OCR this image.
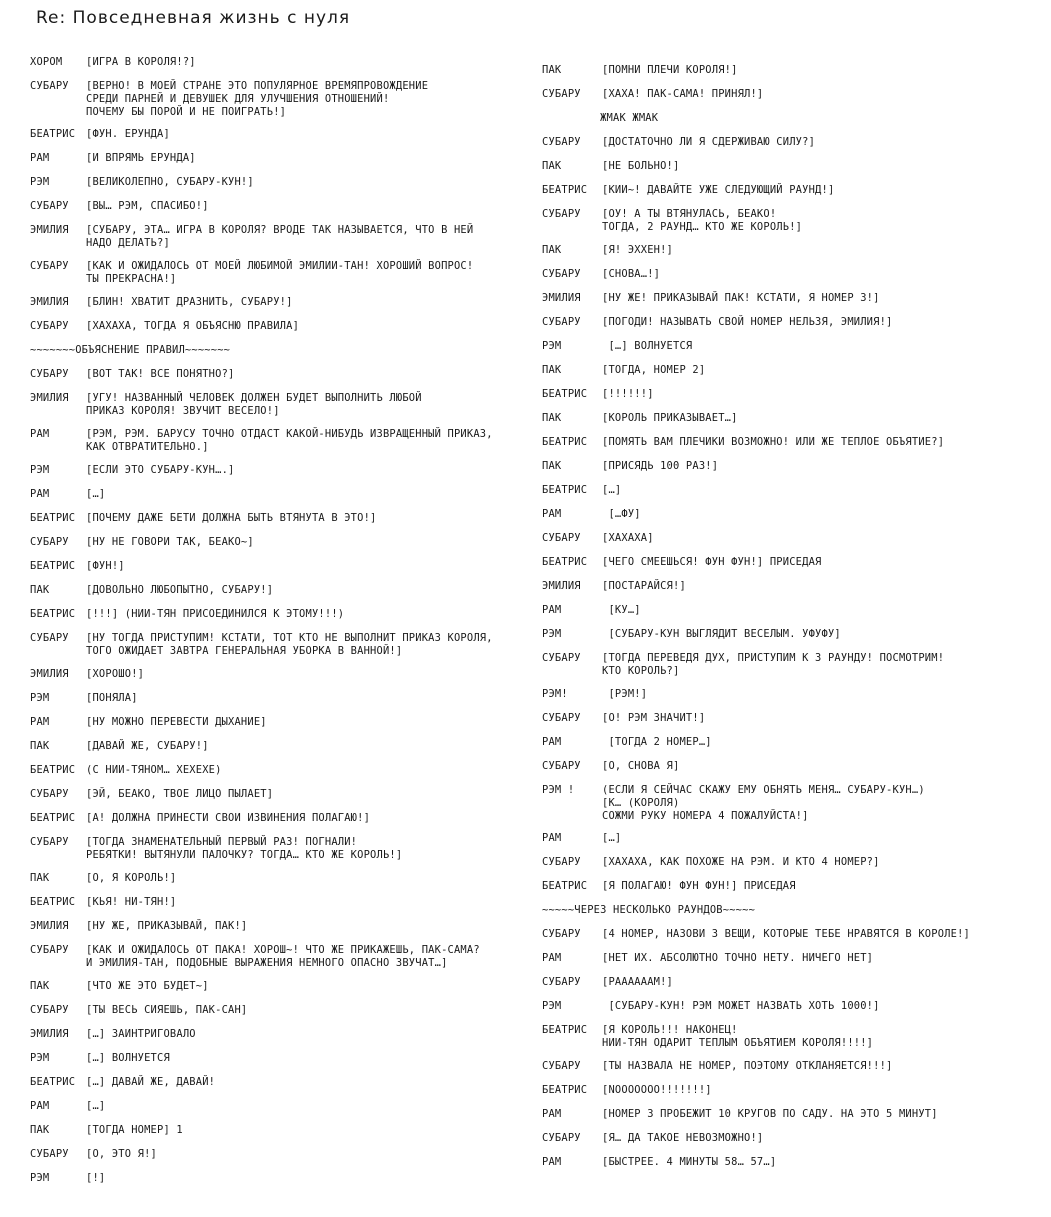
Re: Повседневная жизнь с нуля
ХОРОМ [ИГРА В КОРОЛЯ!?]
СУБАРУ [ВЕРНО! В МОЕЙ СТРАНЕ ЭТО ПОПУЛЯРНОЕ ВРЕМЯПРОВОЖДЕНИЕ
СРЕДИ ПАРНЕЙ И ДЕВУШЕК ДЛЯ УЛУЧШЕНИЯ ОТНОШЕНИЙ!
ПОЧЕМУ БЫ ПОРОЙ И НЕ ПОИГРАТЬ!]
БЕАТРИС [ФУН. ЕРУНДА]
РАМ	[И ВПРЯМЬ ЕРУНДА]
РЭМ	[ВЕЛИКОЛЕПНО, СУБАРУ-КУН!]
СУБАРУ [ВЫ… РЭМ, СПАСИБО!]
ЭМИЛИЯ [СУБАРУ, ЭТА… ИГРА В КОРОЛЯ? ВРОДЕ ТАК НАЗЫВАЕТСЯ, ЧТО В НЕЙ
НАДО ДЕЛАТЬ?]
СУБАРУ [КАК И ОЖИДАЛОСЬ ОТ МОЕЙ ЛЮБИМОЙ ЭМИЛИИ-ТАН! ХОРОШИЙ ВОПРОС!
ТЫ ПРЕКРАСНА!]
ЭМИЛИЯ [БЛИН! ХВАТИТ ДРАЗНИТЬ, СУБАРУ!]
СУБАРУ [ХАХАХА, ТОГДА Я ОБЪЯСНЮ ПРАВИЛА]
~~~~~~~ОБЪЯСНЕНИЕ ПРАВИЛ~~~~~~~
СУБАРУ [ВОТ ТАК! ВСЕ ПОНЯТНО?]
ЭМИЛИЯ [УГУ! НАЗВАННЫЙ ЧЕЛОВЕК ДОЛЖЕН БУДЕТ ВЫПОЛНИТЬ ЛЮБОЙ
ПРИКАЗ КОРОЛЯ! ЗВУЧИТ ВЕСЕЛО!]
РАМ	[РЭМ, РЭМ. БАРУСУ ТОЧНО ОТДАСТ КАКОЙ-НИБУДЬ ИЗВРАЩЕННЫЙ ПРИКАЗ,
КАК ОТВРАТИТЕЛЬНО.]
РЭМ	[ЕСЛИ ЭТО СУБАРУ-КУН….]
РАМ	[…]
БЕАТРИС [ПОЧЕМУ ДАЖЕ БЕТИ ДОЛЖНА БЫТЬ ВТЯНУТА В ЭТО!]
СУБАРУ [НУ НЕ ГОВОРИ ТАК, БЕАКО~]
БЕАТРИС [ФУН!]
ПАК	[ДОВОЛЬНО ЛЮБОПЫТНО, СУБАРУ!]
БЕАТРИС [!!!] (НИИ-ТЯН ПРИСОЕДИНИЛСЯ К ЭТОМУ!!!)
СУБАРУ [НУ ТОГДА ПРИСТУПИМ! КСТАТИ, ТОТ КТО НЕ ВЫПОЛНИТ ПРИКАЗ КОРОЛЯ,
ТОГО ОЖИДАЕТ ЗАВТРА ГЕНЕРАЛЬНАЯ УБОРКА В ВАННОЙ!]
ЭМИЛИЯ [ХОРОШО!]
РЭМ	[ПОНЯЛА]
РАМ	[НУ МОЖНО ПЕРЕВЕСТИ ДЫХАНИЕ]
ПАК	[ДАВАЙ ЖЕ, СУБАРУ!]
БЕАТРИС (С НИИ-ТЯНОМ… ХЕХЕХЕ)
СУБАРУ [ЭЙ, БЕАКО, ТВОЕ ЛИЦО ПЫЛАЕТ]
БЕАТРИС [А! ДОЛЖНА ПРИНЕСТИ СВОИ ИЗВИНЕНИЯ ПОЛАГАЮ!]
СУБАРУ [ТОГДА ЗНАМЕНАТЕЛЬНЫЙ ПЕРВЫЙ РАЗ! ПОГНАЛИ!
РЕБЯТКИ! ВЫТЯНУЛИ ПАЛОЧКУ? ТОГДА… КТО ЖЕ КОРОЛЬ!]
ПАК	[О, Я КОРОЛЬ!]
БЕАТРИС [КЬЯ! НИ-ТЯН!]
ЭМИЛИЯ [НУ ЖЕ, ПРИКАЗЫВАЙ, ПАК!]
СУБАРУ [КАК И ОЖИДАЛОСЬ ОТ ПАКА! ХОРОШ~! ЧТО ЖЕ ПРИКАЖЕШЬ, ПАК-САМА?
И ЭМИЛИЯ-ТАН, ПОДОБНЫЕ ВЫРАЖЕНИЯ НЕМНОГО ОПАСНО ЗВУЧАТ…]
ПАК	[ЧТО ЖЕ ЭТО БУДЕТ~]
СУБАРУ [ТЫ ВЕСЬ СИЯЕШЬ, ПАК-САН]
ЭМИЛИЯ […] ЗАИНТРИГОВАЛО
РЭМ	[…] ВОЛНУЕТСЯ
БЕАТРИС […] ДАВАЙ ЖЕ, ДАВАЙ!
РАМ	[…]
ПАК	[ТОГДА НОМЕР] 1
СУБАРУ [О, ЭТО Я!]
РЭМ	[!]
ПАК	[ПОМНИ ПЛЕЧИ КОРОЛЯ!]
СУБАРУ [ХАХА! ПАК-САМА! ПРИНЯЛ!]
ЖМАК ЖМАК
СУБАРУ [ДОСТАТОЧНО ЛИ Я СДЕРЖИВАЮ СИЛУ?]
ПАК	[НЕ БОЛЬНО!]
БЕАТРИС [КИИ~! ДАВАЙТЕ УЖЕ СЛЕДУЮЩИЙ РАУНД!]
СУБАРУ [ОУ! А ТЫ ВТЯНУЛАСЬ, БЕАКО!
ТОГДА, 2 РАУНД… КТО ЖЕ КОРОЛЬ!]
ПАК	[Я! ЭХХЕН!]
СУБАРУ [СНОВА…!]
ЭМИЛИЯ [НУ ЖЕ! ПРИКАЗЫВАЙ ПАК! КСТАТИ, Я НОМЕР 3!]
СУБАРУ [ПОГОДИ! НАЗЫВАТЬ СВОЙ НОМЕР НЕЛЬЗЯ, ЭМИЛИЯ!]
РЭМ	[…] ВОЛНУЕТСЯ
ПАК	[ТОГДА, НОМЕР 2]
БЕАТРИС [!!!!!!]
ПАК	[КОРОЛЬ ПРИКАЗЫВАЕТ…]
БЕАТРИС [ПОМЯТЬ ВАМ ПЛЕЧИКИ ВОЗМОЖНО! ИЛИ ЖЕ ТЕПЛОЕ ОБЪЯТИЕ?]
ПАК	[ПРИСЯДЬ 100 РАЗ!]
БЕАТРИС […]
РАМ	[…ФУ]
СУБАРУ [ХАХАХА]
БЕАТРИС [ЧЕГО СМЕЕШЬСЯ! ФУН ФУН!] ПРИСЕДАЯ
ЭМИЛИЯ [ПОСТАРАЙСЯ!]
РАМ	[КУ…]
РЭМ	[СУБАРУ-КУН ВЫГЛЯДИТ ВЕСЕЛЫМ. УФУФУ]
СУБАРУ [ТОГДА ПЕРЕВЕДЯ ДУХ, ПРИСТУПИМ К 3 РАУНДУ! ПОСМОТРИМ!
КТО КОРОЛЬ?]
РЭМ!	[РЭМ!]
СУБАРУ [О! РЭМ ЗНАЧИТ!]
РАМ	[ТОГДА 2 НОМЕР…]
СУБАРУ [О, СНОВА Я]
РЭМ !	(ЕСЛИ Я СЕЙЧАС СКАЖУ ЕМУ ОБНЯТЬ МЕНЯ… СУБАРУ-КУН…)
[К… (КОРОЛЯ)
СОЖМИ РУКУ НОМЕРА 4 ПОЖАЛУЙСТА!]
РАМ	[…]
СУБАРУ [ХАХАХА, КАК ПОХОЖЕ НА РЭМ. И КТО 4 НОМЕР?]
БЕАТРИС [Я ПОЛАГАЮ! ФУН ФУН!] ПРИСЕДАЯ
~~~~~ЧЕРЕЗ НЕСКОЛЬКО РАУНДОВ~~~~~
СУБАРУ [4 НОМЕР, НАЗОВИ 3 ВЕЩИ, КОТОРЫЕ ТЕБЕ НРАВЯТСЯ В КОРОЛЕ!]
РАМ	[НЕТ ИХ. АБСОЛЮТНО ТОЧНО НЕТУ. НИЧЕГО НЕТ]
СУБАРУ [РААААААМ!]
РЭМ	[СУБАРУ-КУН! РЭМ МОЖЕТ НАЗВАТЬ ХОТЬ 1000!]
БЕАТРИС [Я КОРОЛЬ!!! НАКОНЕЦ!
НИИ-ТЯН ОДАРИТ ТЕПЛЫМ ОБЪЯТИЕМ КОРОЛЯ!!!!]
СУБАРУ [ТЫ НАЗВАЛА НЕ НОМЕР, ПОЭТОМУ ОТКЛАНЯЕТСЯ!!!]
БЕАТРИС [NOOOOOOO!!!!!!!]
РАМ	[НОМЕР 3 ПРОБЕЖИТ 10 КРУГОВ ПО САДУ. НА ЭТО 5 МИНУТ]
СУБАРУ [Я… ДА ТАКОЕ НЕВОЗМОЖНО!]
РАМ	[БЫСТРЕЕ. 4 МИНУТЫ 58… 57…]
